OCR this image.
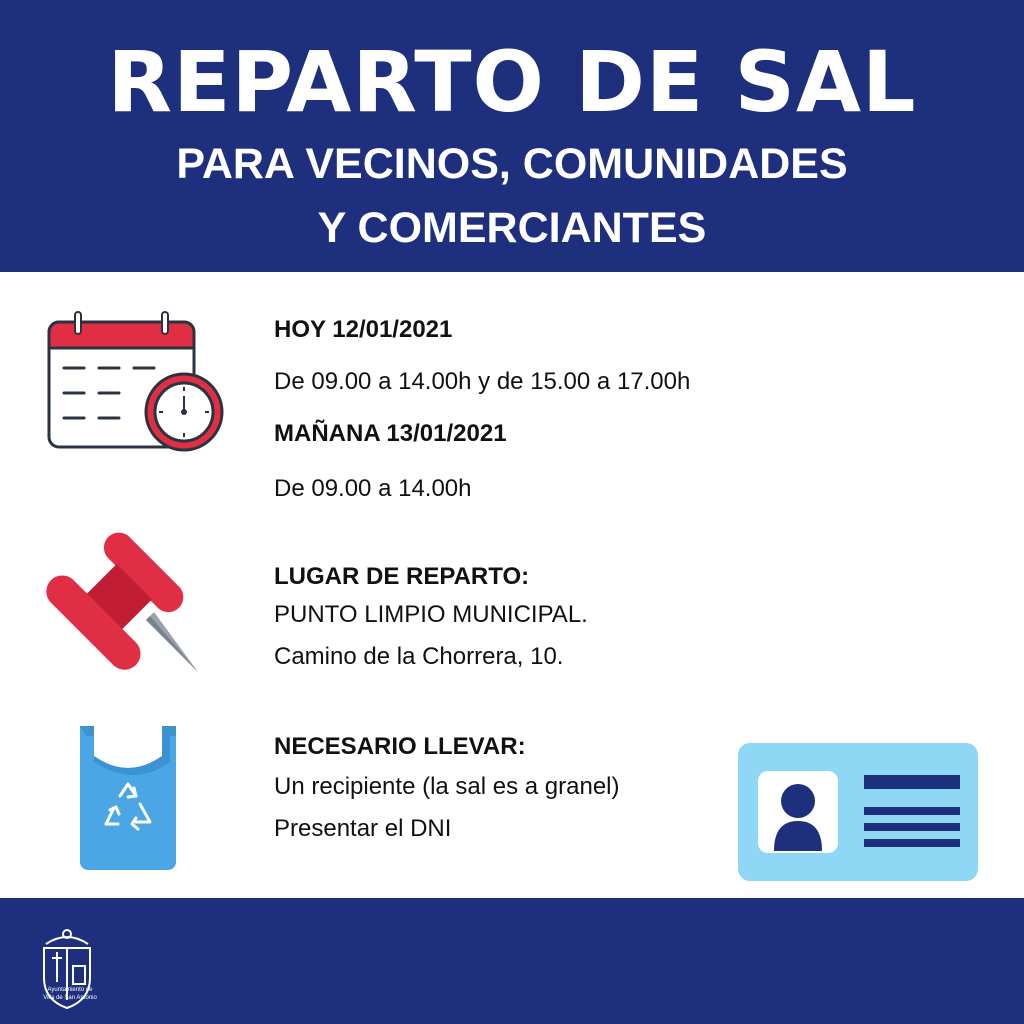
REPARTO DE SAL
PARA VECINOS, COMUNIDADES
Y COMERCIANTES
HOY 12/01/2021
De 09.00 a 14.00h y de 15.00 a 17.00h
MAÑANA 13/01/2021
De 09.00 a 14.00h
LUGAR DE REPARTO:
PUNTO LIMPIO MUNICIPAL.
Camino de la Chorrera, 10.
NECESARIO LLEVAR:
Un recipiente (la sal es a granel)
Presentar el DNI
Ayuntamiento de
Villa de San Antonio
